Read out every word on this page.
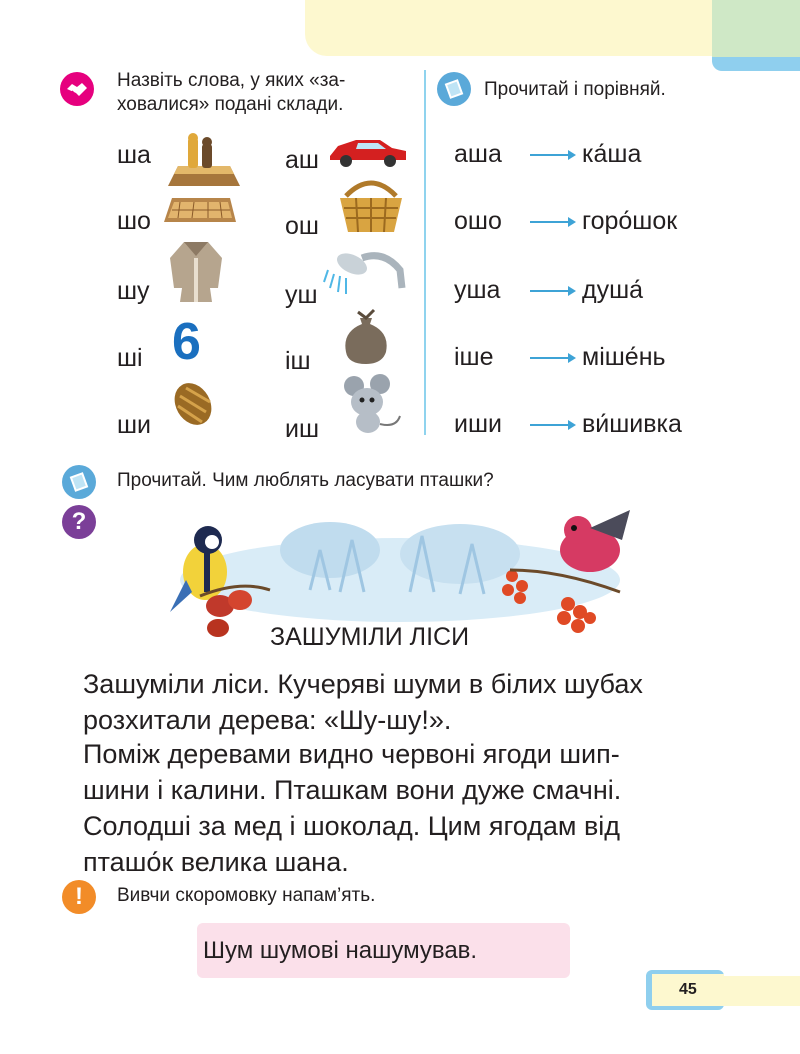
Назвіть слова, у яких «за-
ховалися» подані склади.
ша
шо
шу
ші
ши
6
аш
ош
уш
іш
иш
Прочитай і порівняй.
аша	ка́ша
ошо	горо́шок
уша	душа́
іше	міше́нь
иши	ви́шивка
Прочитай. Чим люблять ласувати пташки?
?
ЗАШУМІЛИ ЛІСИ
Зашуміли ліси. Кучеряві шуми в білих шубах
розхитали дерева: «Шу-шу!».
Поміж деревами видно червоні ягоди шип-
шини і калини. Пташкам вони дуже смачні.
Солодші за мед і шоколад. Цим ягодам від
пташо́к велика шана.
!	Вивчи скоромовку напам’ять.
Шум шумові нашумував.
45
